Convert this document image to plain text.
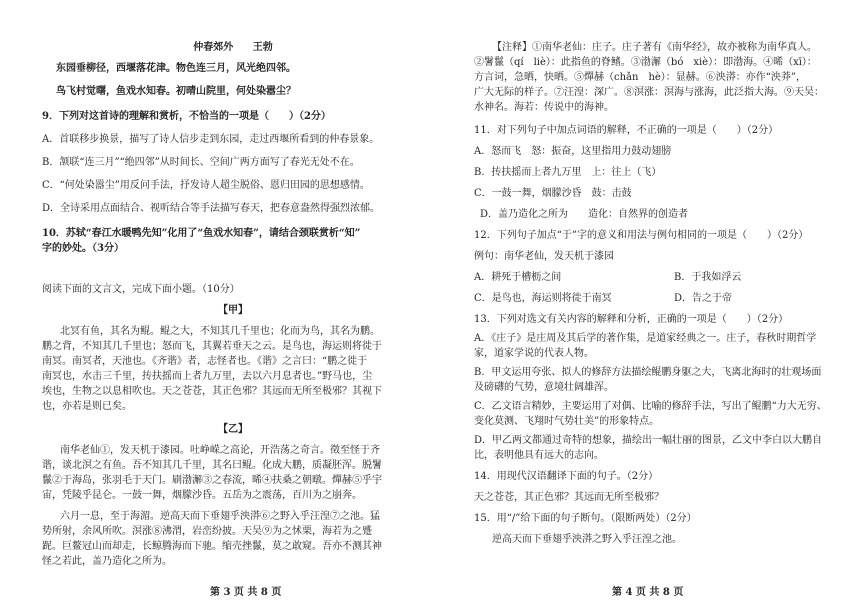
仲春郊外 王勃

东园垂柳径，西堰落花津。物色连三月，风光绝四邻。

鸟飞村觉曙，鱼戏水知春。初晴山院里，何处染嚣尘？

9．下列对这首诗的理解和赏析，不恰当的一项是（　　）（2分）

A．首联移步换景，描写了诗人信步走到东园，走过西堰所看到的仲春景象。

B．颔联“连三月”“绝四邻”从时间长、空间广两方面写了春光无处不在。

C．“何处染嚣尘”用反问手法，抒发诗人超尘脱俗、恩归田园的思想感情。

D．全诗采用点面结合、视听结合等手法描写春天，把春意盎然得强烈浓郁。

10．苏轼“春江水暖鸭先知”化用了“鱼戏水知春”，请结合颈联赏析“知”

字的妙处。（3分）

阅读下面的文言文，完成下面小题。（10分）

【甲】

北冥有鱼，其名为鲲。鲲之大，不知其几千里也；化而为鸟，其名为鹏。

鹏之背，不知其几千里也；怒而飞，其翼若垂天之云。是鸟也，海运则将徙于

南冥。南冥者，天池也。《齐谐》者，志怪者也。《谐》之言曰：“鹏之徙于

南冥也，水击三千里，抟扶摇而上者九万里，去以六月息者也。”野马也，尘

埃也，生物之以息相吹也。天之苍苍，其正色邪？其远而无所至极邪？其视下

也，亦若是则已矣。

【乙】

南华老仙①，发天机于漆园。吐峥嵘之高论，开浩荡之奇言。徵至怪于齐

谐，谈北溟之有鱼。吾不知其几千里，其名曰鲲。化成大鹏，质凝胚浑。脱鬐

鬣②于海岛，张羽毛于天门。刷渤澥③之春流，晞④扶桑之朝暾。燀赫⑤乎宇

宙，凭陵乎昆仑。一鼓一舞，烟朦沙昏。五岳为之震荡，百川为之崩奔。

六月一息，至于海湄。逆高天而下垂翅乎泱漭⑥之野入乎汪湟⑦之池。猛

势所射，余风所吹。溟涨⑧沸渭，岩峦纷披。天吴⑨为之怵栗，海若为之蹙

跜。巨鳌冠山而却走，长鲸腾海而下驰。缩壳挫鬣，莫之敢窥。吾亦不测其神

怪之若此，盖乃造化之所为。

【注释】①南华老仙：庄子。庄子著有《南华经》，故亦被称为南华真人。

②鬐鬣（qí　liè）：此指鱼的脊鳍。③渤澥（bó　xiè）：即渤海。④晞（xī）：

方言词，急晒，快晒。⑤燀赫（chǎn　hè）：显赫。⑥泱漭：亦作“泱莽”，

广大无际的样子。⑦汪湟：深广。⑧溟涨：溟海与涨海，此泛指大海。⑨天吴：

水神名。海若：传说中的海神。

11．对下列句子中加点词语的解释，不正确的一项是（　　）（2分）

A．怒而飞　怒：振奋，这里指用力鼓动翅膀

B．抟扶摇而上者九万里　上：往上（飞）

C．一鼓一舞，烟朦沙昏　鼓：击鼓

D．盖乃造化之所为　　造化：自然界的创造者

12．下列句子加点“于”字的意义和用法与例句相同的一项是（　　）（2分）

例句：南华老仙，发天机于漆园

A．耕死于槽枥之间	B．于我如浮云
C．是鸟也，海运则将徙于南冥	D．告之于帝

13．下列对选文有关内容的解释和分析，正确的一项是（　　）（2分）

A．《庄子》是庄周及其后学的著作集，是道家经典之一。庄子，春秋时期哲学

家，道家学说的代表人物。

B．甲文运用夸张、拟人的修辞方法描绘鲲鹏身躯之大，飞离北海时的壮观场面

及磅礴的气势，意境壮阔雄浑。

C．乙文语言精妙，主要运用了对偶、比喻的修辞手法，写出了鲲鹏“力大无穷、

变化莫测、飞翔时气势壮美”的形象特点。

D．甲乙两文都通过奇特的想象，描绘出一幅壮丽的图景，乙文中李白以大鹏自

比，表明他具有远大的志向。

14．用现代汉语翻译下面的句子。（2分）

天之苍苍，其正色邪？其远而无所至极邪？

15．用“/”给下面的句子断句。（限断两处）（2分）

逆高天而下垂翅乎泱漭之野入乎汪湟之池。

第 3 页 共 8 页	第 4 页 共 8 页
